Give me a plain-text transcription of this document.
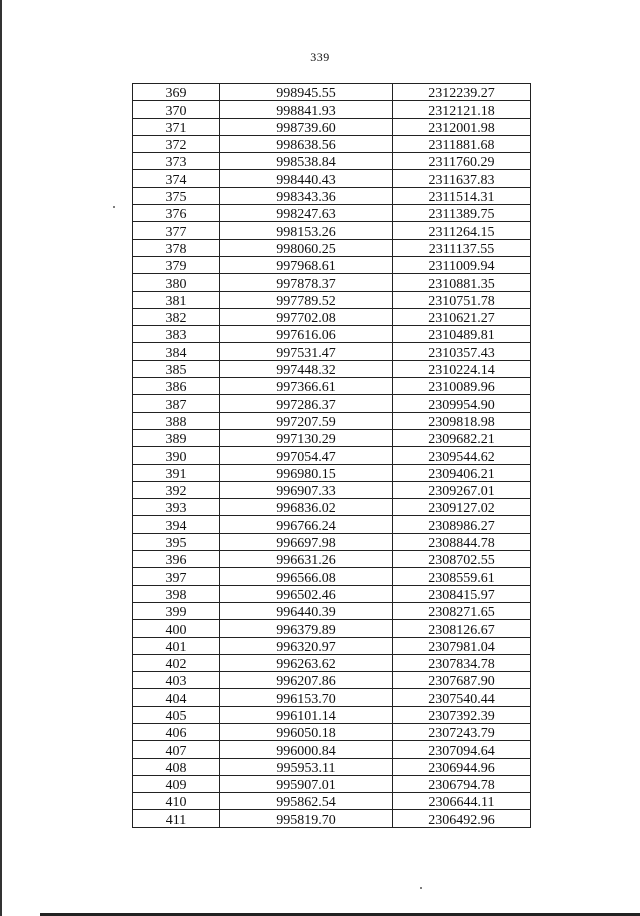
339
369	998945.55	2312239.27
370	998841.93	2312121.18
371	998739.60	2312001.98
372	998638.56	2311881.68
373	998538.84	2311760.29
374	998440.43	2311637.83
375	998343.36	2311514.31
376	998247.63	2311389.75
377	998153.26	2311264.15
378	998060.25	2311137.55
379	997968.61	2311009.94
380	997878.37	2310881.35
381	997789.52	2310751.78
382	997702.08	2310621.27
383	997616.06	2310489.81
384	997531.47	2310357.43
385	997448.32	2310224.14
386	997366.61	2310089.96
387	997286.37	2309954.90
388	997207.59	2309818.98
389	997130.29	2309682.21
390	997054.47	2309544.62
391	996980.15	2309406.21
392	996907.33	2309267.01
393	996836.02	2309127.02
394	996766.24	2308986.27
395	996697.98	2308844.78
396	996631.26	2308702.55
397	996566.08	2308559.61
398	996502.46	2308415.97
399	996440.39	2308271.65
400	996379.89	2308126.67
401	996320.97	2307981.04
402	996263.62	2307834.78
403	996207.86	2307687.90
404	996153.70	2307540.44
405	996101.14	2307392.39
406	996050.18	2307243.79
407	996000.84	2307094.64
408	995953.11	2306944.96
409	995907.01	2306794.78
410	995862.54	2306644.11
411	995819.70	2306492.96
